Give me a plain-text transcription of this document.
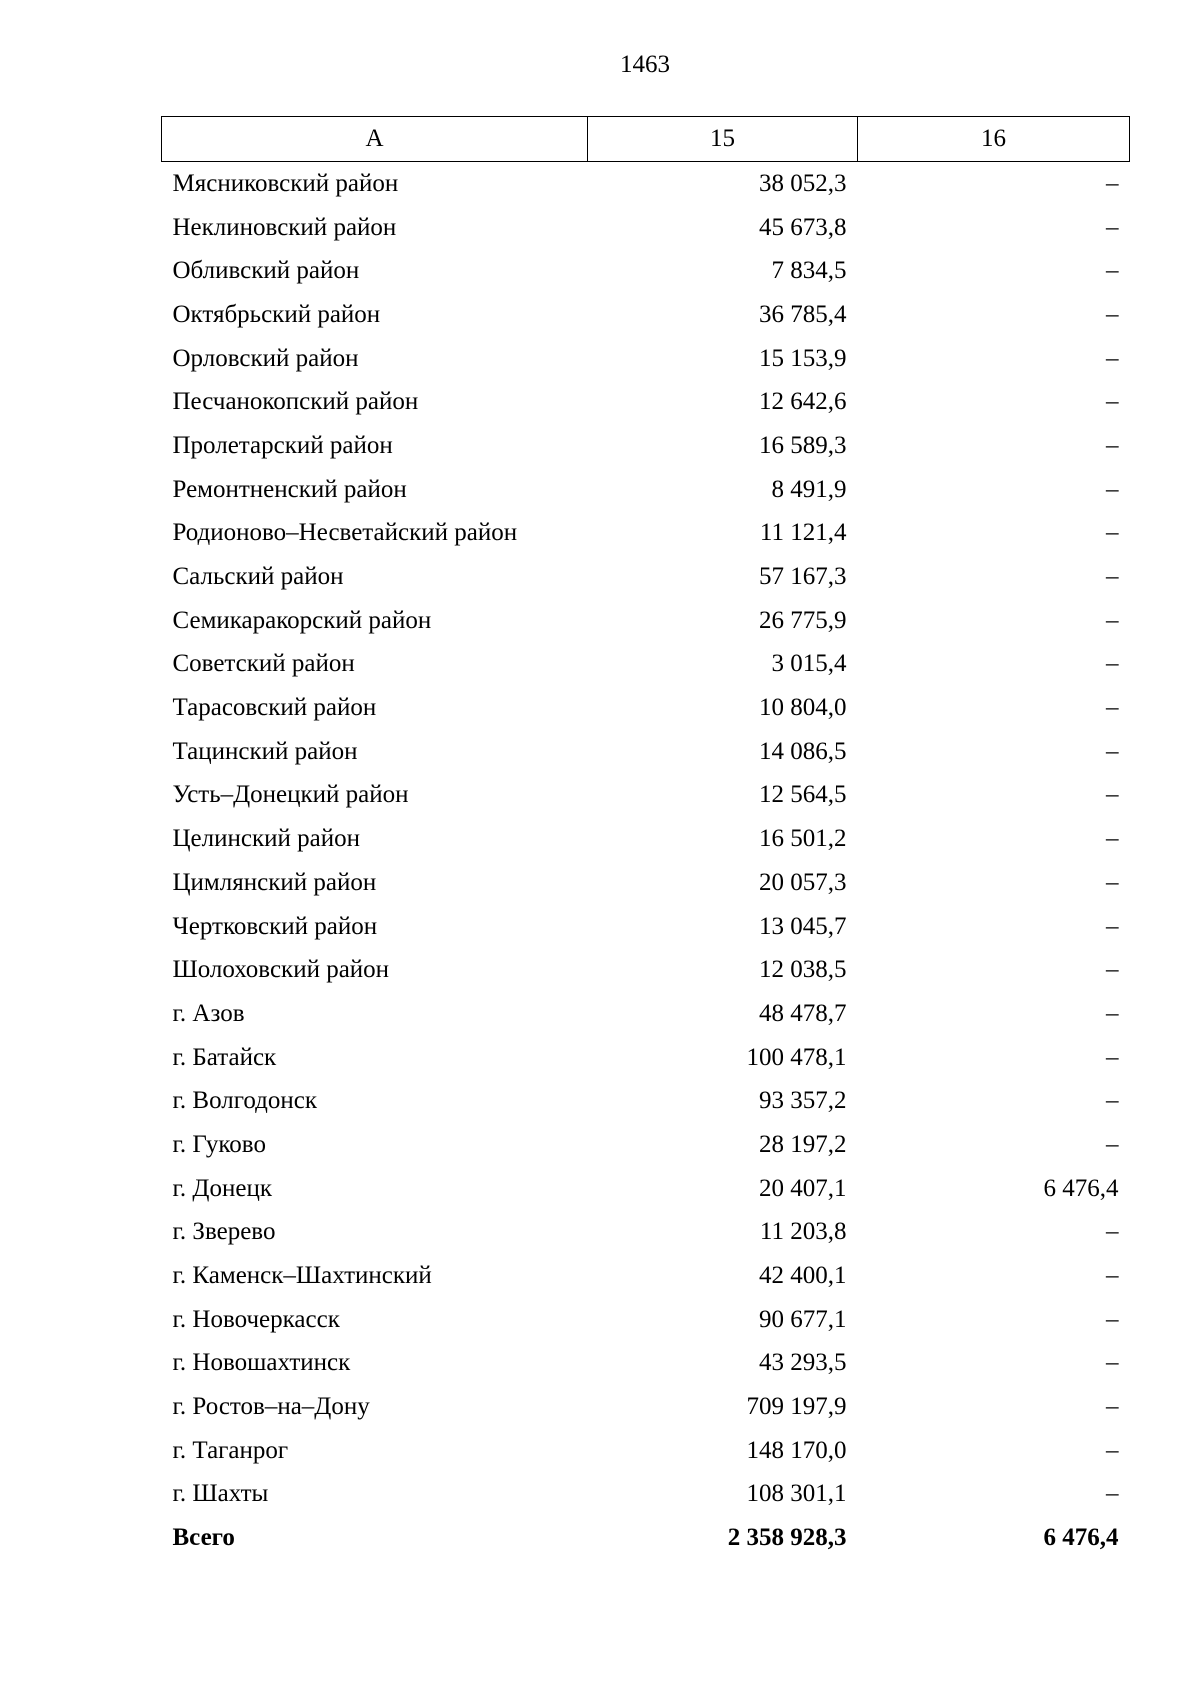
1463
А	15	16
Мясниковский район	38 052,3	–
Неклиновский район	45 673,8	–
Обливский район	7 834,5	–
Октябрьский район	36 785,4	–
Орловский район	15 153,9	–
Песчанокопский район	12 642,6	–
Пролетарский район	16 589,3	–
Ремонтненский район	8 491,9	–
Родионово–Несветайский район	11 121,4	–
Сальский район	57 167,3	–
Семикаракорский район	26 775,9	–
Советский район	3 015,4	–
Тарасовский район	10 804,0	–
Тацинский район	14 086,5	–
Усть–Донецкий район	12 564,5	–
Целинский район	16 501,2	–
Цимлянский район	20 057,3	–
Чертковский район	13 045,7	–
Шолоховский район	12 038,5	–
г. Азов	48 478,7	–
г. Батайск	100 478,1	–
г. Волгодонск	93 357,2	–
г. Гуково	28 197,2	–
г. Донецк	20 407,1	6 476,4
г. Зверево	11 203,8	–
г. Каменск–Шахтинский	42 400,1	–
г. Новочеркасск	90 677,1	–
г. Новошахтинск	43 293,5	–
г. Ростов–на–Дону	709 197,9	–
г. Таганрог	148 170,0	–
г. Шахты	108 301,1	–
Всего	2 358 928,3	6 476,4
